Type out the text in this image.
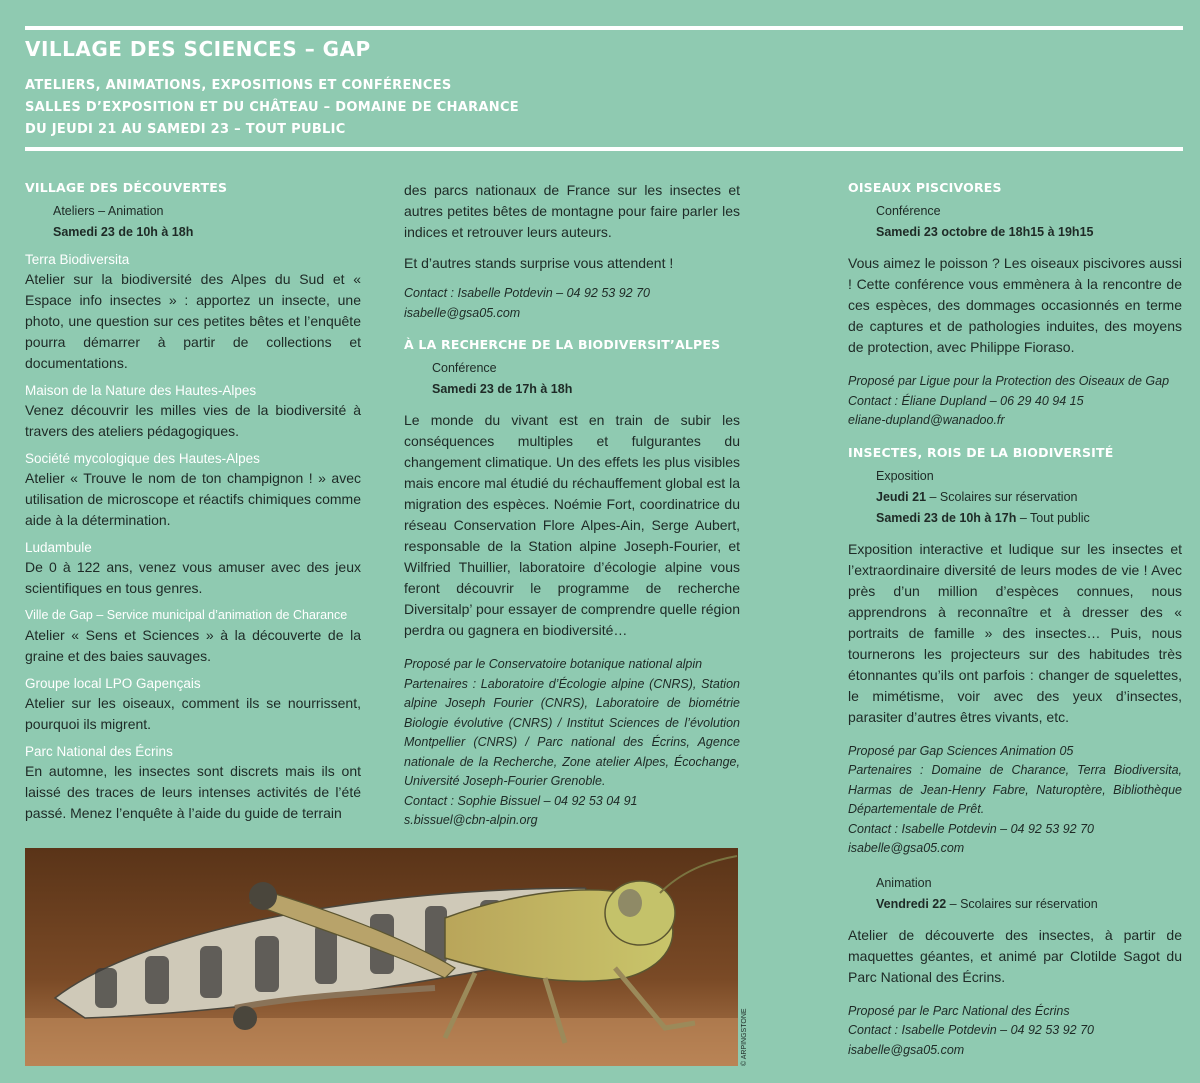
VILLAGE DES SCIENCES – GAP
ATELIERS, ANIMATIONS, EXPOSITIONS ET CONFÉRENCES
SALLES D’EXPOSITION ET DU CHÂTEAU – DOMAINE DE CHARANCE
DU JEUDI 21 AU SAMEDI 23 – TOUT PUBLIC
VILLAGE DES DÉCOUVERTES
Ateliers – Animation
Samedi 23 de 10h à 18h
Terra Biodiversita

Atelier sur la biodiversité des Alpes du Sud et « Espace info insectes » : apportez un insecte, une photo, une question sur ces petites bêtes et l’enquête pourra démarrer à partir de collections et documentations.

Maison de la Nature des Hautes-Alpes

Venez découvrir les milles vies de la biodiversité à travers des ateliers pédagogiques.

Société mycologique des Hautes-Alpes

Atelier « Trouve le nom de ton champignon ! » avec utilisation de microscope et réactifs chimiques comme aide à la détermination.

Ludambule

De 0 à 122 ans, venez vous amuser avec des jeux scientifiques en tous genres.

Ville de Gap – Service municipal d’animation de Charance

Atelier « Sens et Sciences » à la découverte de la graine et des baies sauvages.

Groupe local LPO Gapençais

Atelier sur les oiseaux, comment ils se nourrissent, pourquoi ils migrent.

Parc National des Écrins

En automne, les insectes sont discrets mais ils ont laissé des traces de leurs intenses activités de l’été passé. Menez l’enquête à l’aide du guide de terrain

des parcs nationaux de France sur les insectes et autres petites bêtes de montagne pour faire parler les indices et retrouver leurs auteurs.

Et d’autres stands surprise vous attendent !

Contact : Isabelle Potdevin – 04 92 53 92 70
isabelle@gsa05.com
À LA RECHERCHE DE LA BIODIVERSIT’ALPES
Conférence
Samedi 23 de 17h à 18h

Le monde du vivant est en train de subir les conséquences multiples et fulgurantes du changement climatique. Un des effets les plus visibles mais encore mal étudié du réchauffement global est la migration des espèces. Noémie Fort, coordinatrice du réseau Conservation Flore Alpes-Ain, Serge Aubert, responsable de la Station alpine Joseph-Fourier, et Wilfried Thuillier, laboratoire d’écologie alpine vous feront découvrir le programme de recherche Diversitalp’ pour essayer de comprendre quelle région perdra ou gagnera en biodiversité…

Proposé par le Conservatoire botanique national alpin
Partenaires : Laboratoire d’Écologie alpine (CNRS), Station alpine Joseph Fourier (CNRS), Laboratoire de biométrie Biologie évolutive (CNRS) / Institut Sciences de l’évolution Montpellier (CNRS) / Parc national des Écrins, Agence nationale de la Recherche, Zone atelier Alpes, Écochange, Université Joseph-Fourier Grenoble.
Contact : Sophie Bissuel – 04 92 53 04 91
s.bissuel@cbn-alpin.org
OISEAUX PISCIVORES
Conférence
Samedi 23 octobre de 18h15 à 19h15

Vous aimez le poisson ? Les oiseaux piscivores aussi ! Cette conférence vous emmènera à la rencontre de ces espèces, des dommages occasionnés en terme de captures et de pathologies induites, des moyens de protection, avec Philippe Fioraso.

Proposé par Ligue pour la Protection des Oiseaux de Gap
Contact : Éliane Dupland – 06 29 40 94 15
eliane-dupland@wanadoo.fr
INSECTES, ROIS DE LA BIODIVERSITÉ
Exposition
Jeudi 21 – Scolaires sur réservation
Samedi 23 de 10h à 17h – Tout public

Exposition interactive et ludique sur les insectes et l’extraordinaire diversité de leurs modes de vie ! Avec près d’un million d’espèces connues, nous apprendrons à reconnaître et à dresser des « portraits de famille » des insectes… Puis, nous tournerons les projecteurs sur des habitudes très étonnantes qu’ils ont parfois : changer de squelettes, le mimétisme, voir avec des yeux d’insectes, parasiter d’autres êtres vivants, etc.

Proposé par Gap Sciences Animation 05
Partenaires : Domaine de Charance, Terra Biodiversita, Harmas de Jean-Henry Fabre, Naturoptère, Bibliothèque Départementale de Prêt.
Contact : Isabelle Potdevin – 04 92 53 92 70
isabelle@gsa05.com
Animation
Vendredi 22 – Scolaires sur réservation

Atelier de découverte des insectes, à partir de maquettes géantes, et animé par Clotilde Sagot du Parc National des Écrins.

Proposé par le Parc National des Écrins
Contact : Isabelle Potdevin – 04 92 53 92 70
isabelle@gsa05.com
© ARPINGSTONE
